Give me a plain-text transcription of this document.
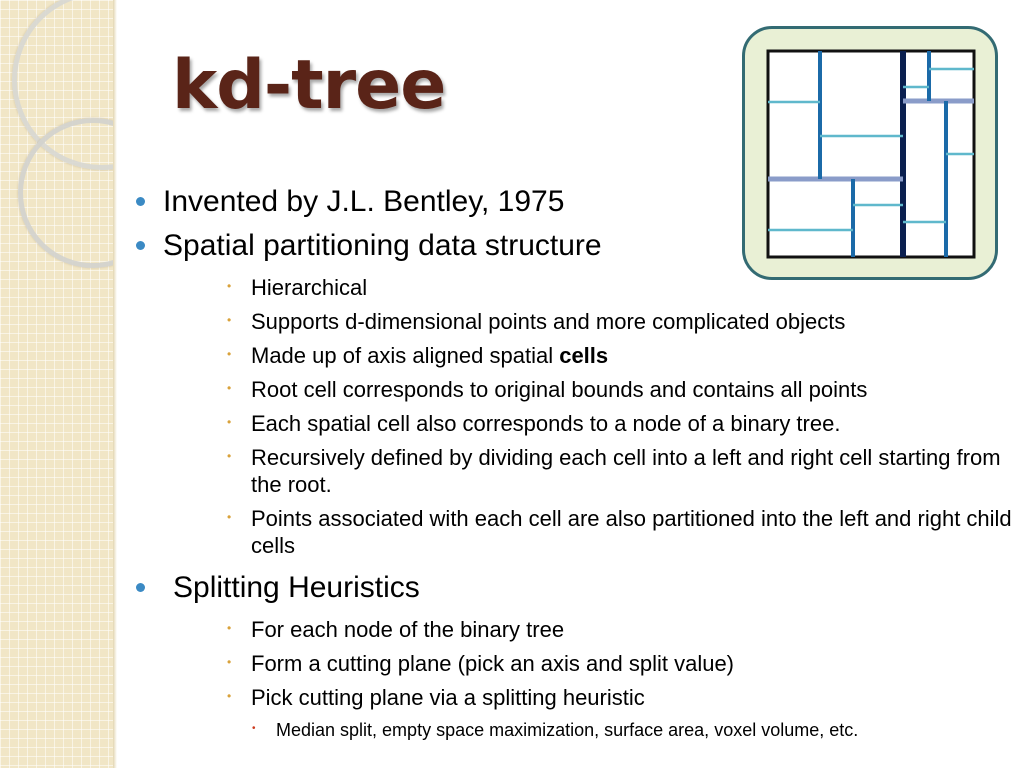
kd-tree
Invented by J.L. Bentley, 1975
Spatial partitioning data structure
• Hierarchical
• Supports d-dimensional points and more complicated objects
• Made up of axis aligned spatial cells
• Root cell corresponds to original bounds and contains all points
• Each spatial cell also corresponds to a node of a binary tree.
• Recursively defined by dividing each cell into a left and right cell starting from the root.
• Points associated with each cell are also partitioned into the left and right child cells
Splitting Heuristics
• For each node of the binary tree
• Form a cutting plane (pick an axis and split value)
• Pick cutting plane via a splitting heuristic
• Median split, empty space maximization, surface area, voxel volume, etc.
